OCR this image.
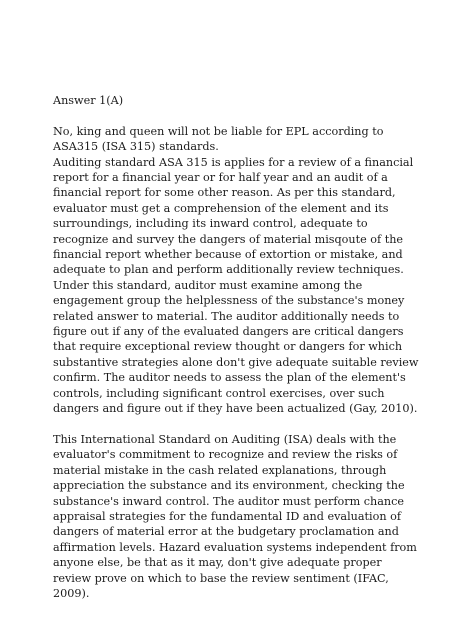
Answer 1(A)
No, king and queen will not be liable for EPL according to
ASA315 (ISA 315) standards.
Auditing standard ASA 315 is applies for a review of a financial
report for a financial year or for half year and an audit of a
financial report for some other reason. As per this standard,
evaluator must get a comprehension of the element and its
surroundings, including its inward control, adequate to
recognize and survey the dangers of material misqoute of the
financial report whether because of extortion or mistake, and
adequate to plan and perform additionally review techniques.
Under this standard, auditor must examine among the
engagement group the helplessness of the substance's money
related answer to material. The auditor additionally needs to
figure out if any of the evaluated dangers are critical dangers
that require exceptional review thought or dangers for which
substantive strategies alone don't give adequate suitable review
confirm. The auditor needs to assess the plan of the element's
controls, including significant control exercises, over such
dangers and figure out if they have been actualized (Gay, 2010).
This International Standard on Auditing (ISA) deals with the
evaluator's commitment to recognize and review the risks of
material mistake in the cash related explanations, through
appreciation the substance and its environment, checking the
substance's inward control. The auditor must perform chance
appraisal strategies for the fundamental ID and evaluation of
dangers of material error at the budgetary proclamation and
affirmation levels. Hazard evaluation systems independent from
anyone else, be that as it may, don't give adequate proper
review prove on which to base the review sentiment (IFAC,
2009).
